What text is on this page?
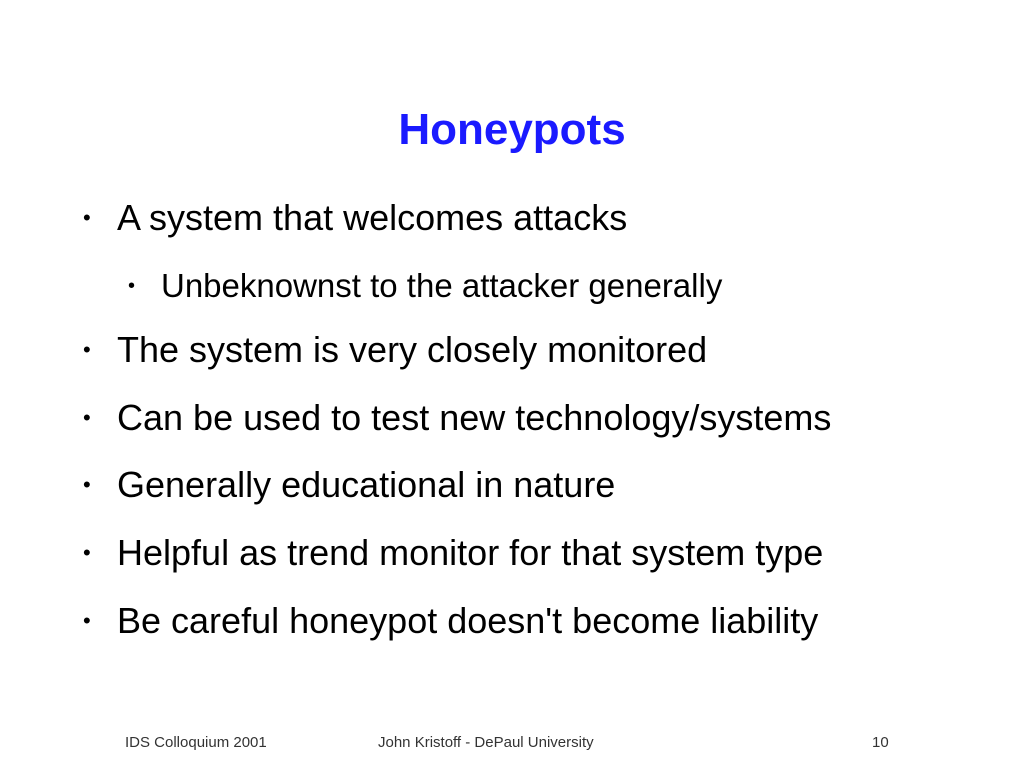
Honeypots
• A system that welcomes attacks
• Unbeknownst to the attacker generally
• The system is very closely monitored
• Can be used to test new technology/systems
• Generally educational in nature
• Helpful as trend monitor for that system type
• Be careful honeypot doesn't become liability
IDS Colloquium 2001	John Kristoff - DePaul University	10
